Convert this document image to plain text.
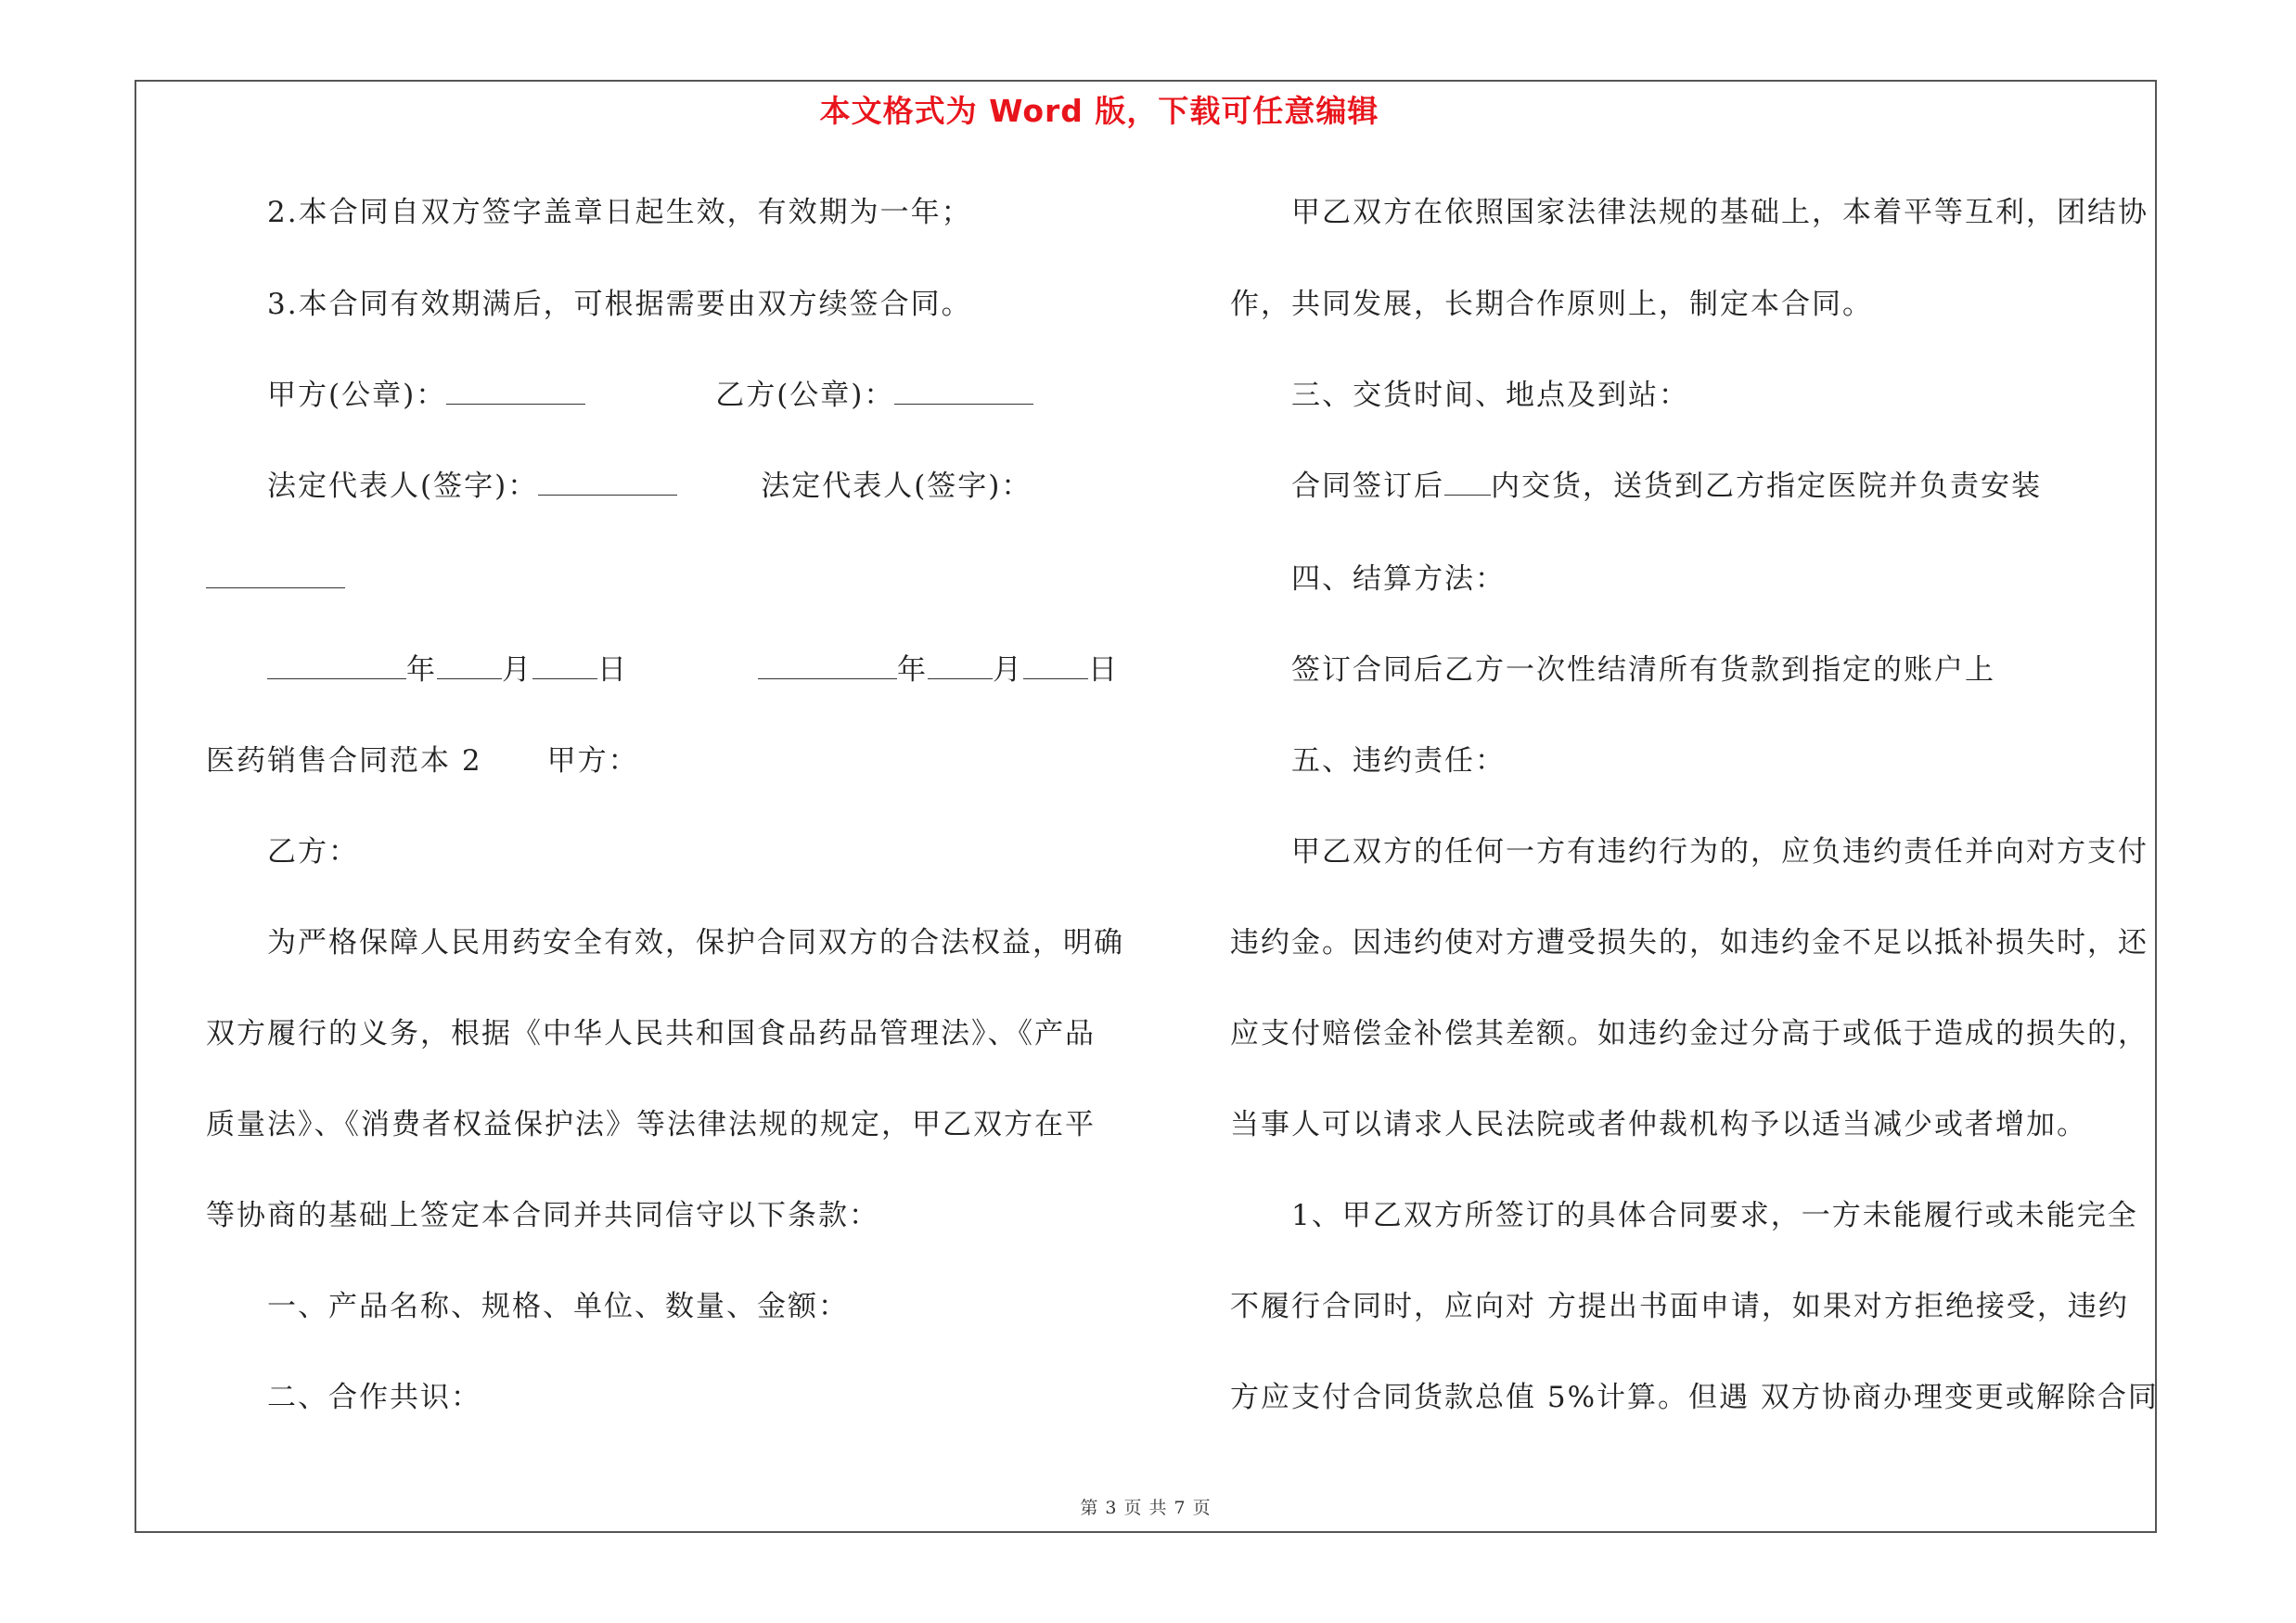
本文格式为 Word 版，下载可任意编辑
2.本合同自双方签字盖章日起生效，有效期为一年；
3.本合同有效期满后，可根据需要由双方续签合同。
甲方(公章)：	乙方(公章)：
法定代表人(签字)：	法定代表人(签字)：
年 月 日	年 月 日
医药销售合同范本 2 甲方：
乙方：
为严格保障人民用药安全有效，保护合同双方的合法权益，明确
双方履行的义务，根据《中华人民共和国食品药品管理法》、《产品
质量法》、《消费者权益保护法》等法律法规的规定，甲乙双方在平
等协商的基础上签定本合同并共同信守以下条款：
一、产品名称、规格、单位、数量、金额：
二、合作共识：
甲乙双方在依照国家法律法规的基础上，本着平等互利，团结协
作，共同发展，长期合作原则上，制定本合同。
三、交货时间、地点及到站：
合同签订后 内交货，送货到乙方指定医院并负责安装
四、结算方法：
签订合同后乙方一次性结清所有货款到指定的账户上
五、违约责任：
甲乙双方的任何一方有违约行为的，应负违约责任并向对方支付
违约金。因违约使对方遭受损失的，如违约金不足以抵补损失时，还
应支付赔偿金补偿其差额。如违约金过分高于或低于造成的损失的，
当事人可以请求人民法院或者仲裁机构予以适当减少或者增加。
1、甲乙双方所签订的具体合同要求，一方未能履行或未能完全
不履行合同时，应向对 方提出书面申请，如果对方拒绝接受，违约
方应支付合同货款总值 5%计算。但遇 双方协商办理变更或解除合同
第 3 页 共 7 页
